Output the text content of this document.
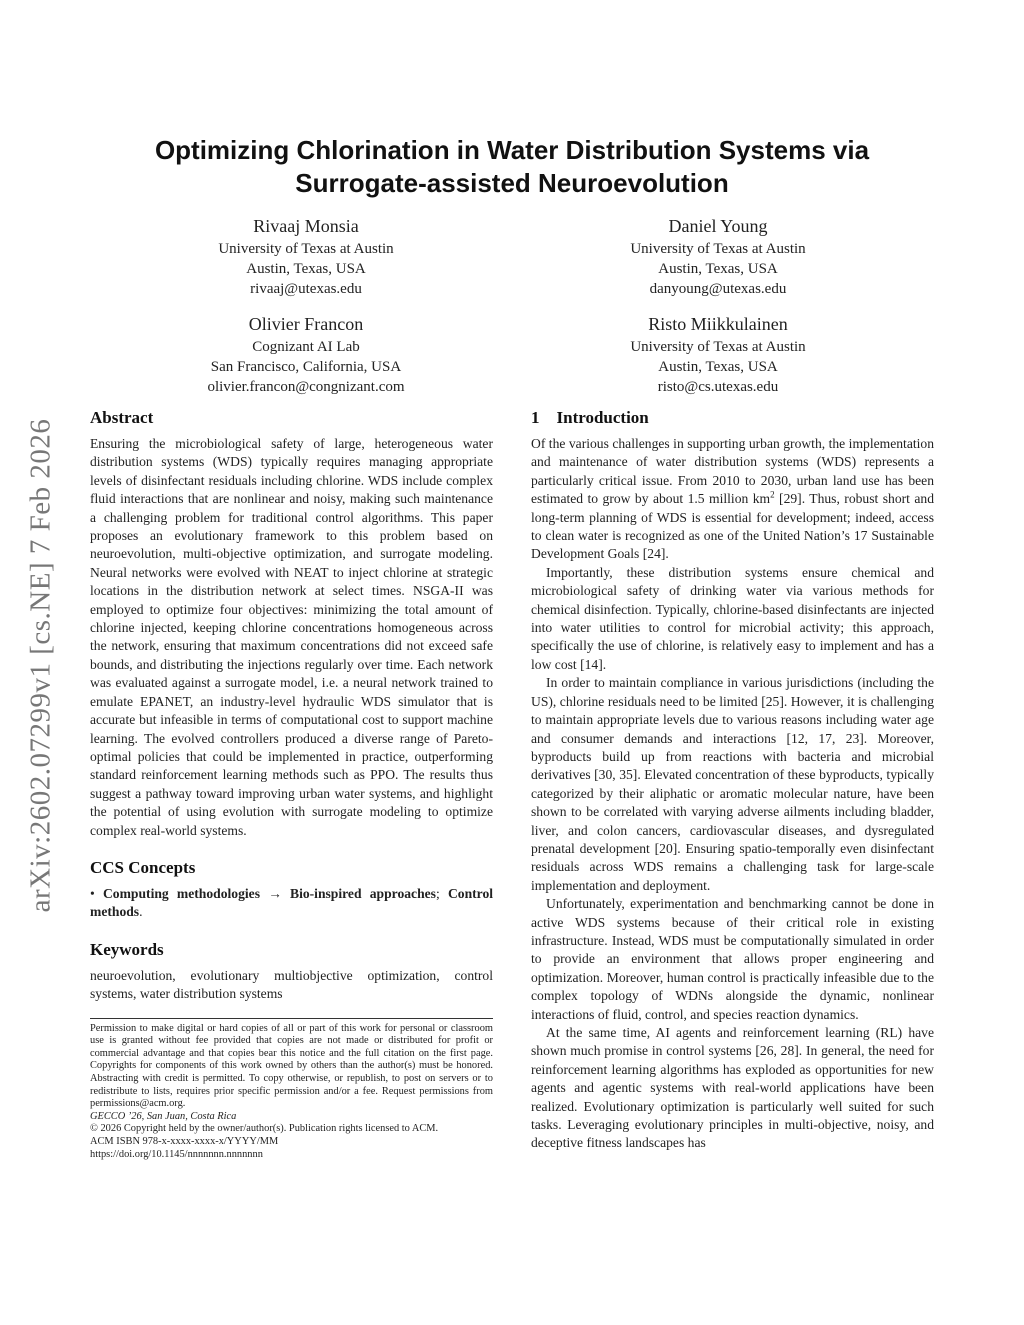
arXiv:2602.07299v1 [cs.NE] 7 Feb 2026
Optimizing Chlorination in Water Distribution Systems via
Surrogate-assisted Neuroevolution
Rivaaj Monsia
University of Texas at Austin
Austin, Texas, USA
rivaaj@utexas.edu
Daniel Young
University of Texas at Austin
Austin, Texas, USA
danyoung@utexas.edu
Olivier Francon
Cognizant AI Lab
San Francisco, California, USA
olivier.francon@congnizant.com
Risto Miikkulainen
University of Texas at Austin
Austin, Texas, USA
risto@cs.utexas.edu
Abstract

Ensuring the microbiological safety of large, heterogeneous water distribution systems (WDS) typically requires managing appropriate levels of disinfectant residuals including chlorine. WDS include complex fluid interactions that are nonlinear and noisy, making such maintenance a challenging problem for traditional control algorithms. This paper proposes an evolutionary framework to this problem based on neuroevolution, multi-objective optimization, and surrogate modeling. Neural networks were evolved with NEAT to inject chlorine at strategic locations in the distribution network at select times. NSGA-II was employed to optimize four objectives: minimizing the total amount of chlorine injected, keeping chlorine concentrations homogeneous across the network, ensuring that maximum concentrations did not exceed safe bounds, and distributing the injections regularly over time. Each network was evaluated against a surrogate model, i.e. a neural network trained to emulate EPANET, an industry-level hydraulic WDS simulator that is accurate but infeasible in terms of computational cost to support machine learning. The evolved controllers produced a diverse range of Pareto-optimal policies that could be implemented in practice, outperforming standard reinforcement learning methods such as PPO. The results thus suggest a pathway toward improving urban water systems, and highlight the potential of using evolution with surrogate modeling to optimize complex real-world systems.

CCS Concepts

• Computing methodologies → Bio-inspired approaches; Control methods.

Keywords

neuroevolution, evolutionary multiobjective optimization, control systems, water distribution systems

Permission to make digital or hard copies of all or part of this work for personal or classroom use is granted without fee provided that copies are not made or distributed for profit or commercial advantage and that copies bear this notice and the full citation on the first page. Copyrights for components of this work owned by others than the author(s) must be honored. Abstracting with credit is permitted. To copy otherwise, or republish, to post on servers or to redistribute to lists, requires prior specific permission and/or a fee. Request permissions from permissions@acm.org.
GECCO ’26, San Juan, Costa Rica
© 2026 Copyright held by the owner/author(s). Publication rights licensed to ACM.
ACM ISBN 978-x-xxxx-xxxx-x/YYYY/MM
https://doi.org/10.1145/nnnnnnn.nnnnnnn
1    Introduction

Of the various challenges in supporting urban growth, the implementation and maintenance of water distribution systems (WDS) represents a particularly critical issue. From 2010 to 2030, urban land use has been estimated to grow by about 1.5 million $km^2$ [29]. Thus, robust short and long-term planning of WDS is essential for development; indeed, access to clean water is recognized as one of the United Nation’s 17 Sustainable Development Goals [24].

Importantly, these distribution systems ensure chemical and microbiological safety of drinking water via various methods for chemical disinfection. Typically, chlorine-based disinfectants are injected into water utilities to control for microbial activity; this approach, specifically the use of chlorine, is relatively easy to implement and has a low cost [14].

In order to maintain compliance in various jurisdictions (including the US), chlorine residuals need to be limited [25]. However, it is challenging to maintain appropriate levels due to various reasons including water age and consumer demands and interactions [12, 17, 23]. Moreover, byproducts build up from reactions with bacteria and microbial derivatives [30, 35]. Elevated concentration of these byproducts, typically categorized by their aliphatic or aromatic molecular nature, have been shown to be correlated with varying adverse ailments including bladder, liver, and colon cancers, cardiovascular diseases, and dysregulated prenatal development [20]. Ensuring spatio-temporally even disinfectant residuals across WDS remains a challenging task for large-scale implementation and deployment.

Unfortunately, experimentation and benchmarking cannot be done in active WDS systems because of their critical role in existing infrastructure. Instead, WDS must be computationally simulated in order to provide an environment that allows proper engineering and optimization. Moreover, human control is practically infeasible due to the complex topology of WDNs alongside the dynamic, nonlinear interactions of fluid, control, and species reaction dynamics.

At the same time, AI agents and reinforcement learning (RL) have shown much promise in control systems [26, 28]. In general, the need for reinforcement learning algorithms has exploded as opportunities for new agents and agentic systems with real-world applications have been realized. Evolutionary optimization is particularly well suited for such tasks. Leveraging evolutionary principles in multi-objective, noisy, and deceptive fitness landscapes has
